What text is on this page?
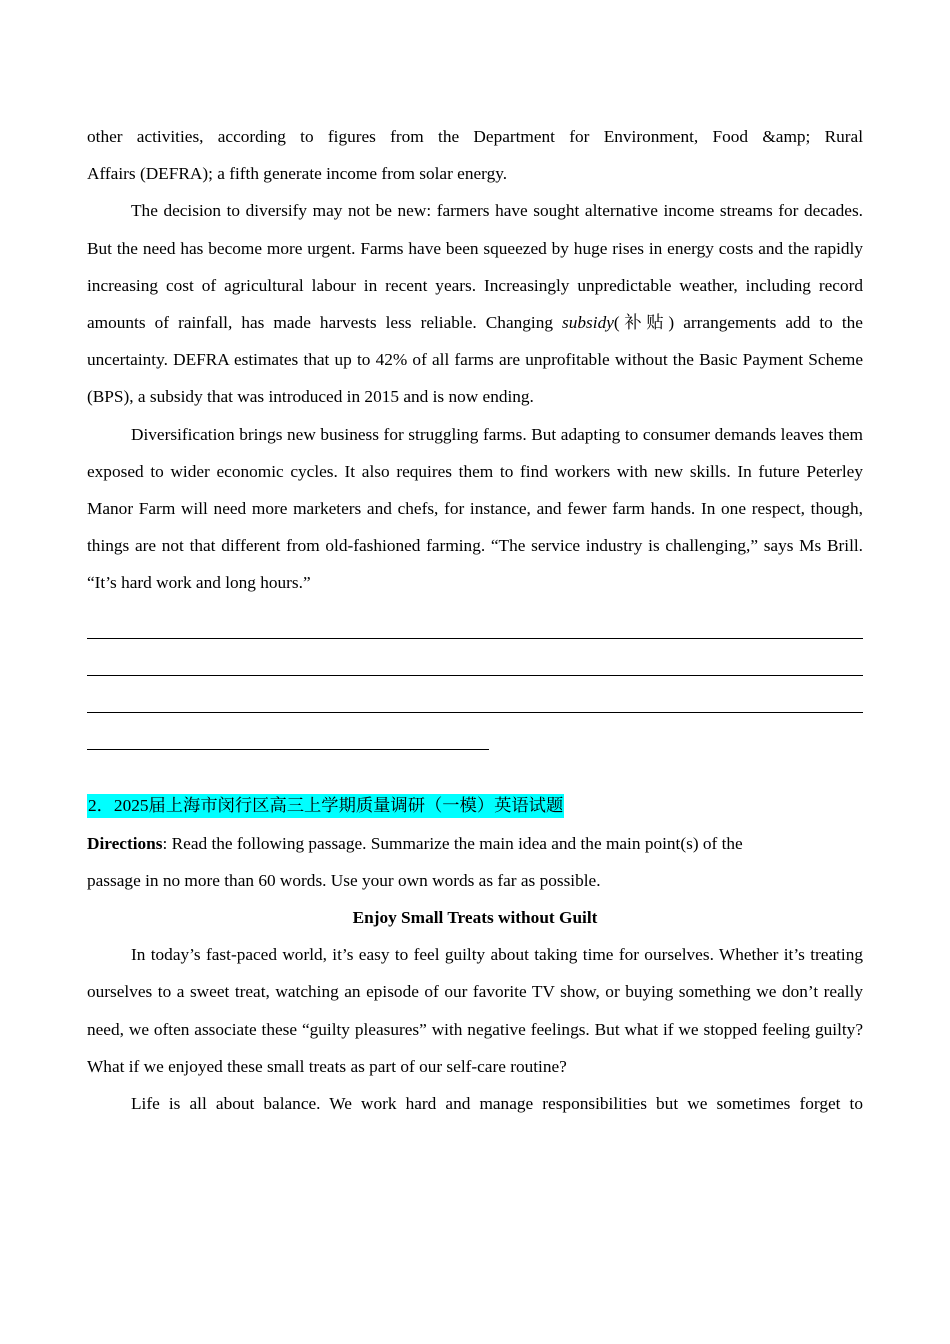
other activities, according to figures from the Department for Environment, Food &amp; Rural

Affairs (DEFRA); a fifth generate income from solar energy.

The decision to diversify may not be new: farmers have sought alternative income streams for decades. But the need has become more urgent. Farms have been squeezed by huge rises in energy costs and the rapidly increasing cost of agricultural labour in recent years. Increasingly unpredictable weather, including record amounts of rainfall, has made harvests less reliable. Changing subsidy(补贴) arrangements add to the uncertainty. DEFRA estimates that up to 42% of all farms are unprofitable without the Basic Payment Scheme (BPS), a subsidy that was introduced in 2015 and is now ending.

Diversification brings new business for struggling farms. But adapting to consumer demands leaves them exposed to wider economic cycles. It also requires them to find workers with new skills. In future Peterley Manor Farm will need more marketers and chefs, for instance, and fewer farm hands. In one respect, though, things are not that different from old-fashioned farming. “The service industry is challenging,” says Ms Brill. “It’s hard work and long hours.”

2．2025届上海市闵行区高三上学期质量调研（一模）英语试题

Directions: Read the following passage. Summarize the main idea and the main point(s) of the

passage in no more than 60 words. Use your own words as far as possible.

Enjoy Small Treats without Guilt

In today’s fast-paced world, it’s easy to feel guilty about taking time for ourselves. Whether it’s treating ourselves to a sweet treat, watching an episode of our favorite TV show, or buying something we don’t really need, we often associate these “guilty pleasures” with negative feelings. But what if we stopped feeling guilty? What if we enjoyed these small treats as part of our self-care routine?

Life is all about balance. We work hard and manage responsibilities but we sometimes forget to
